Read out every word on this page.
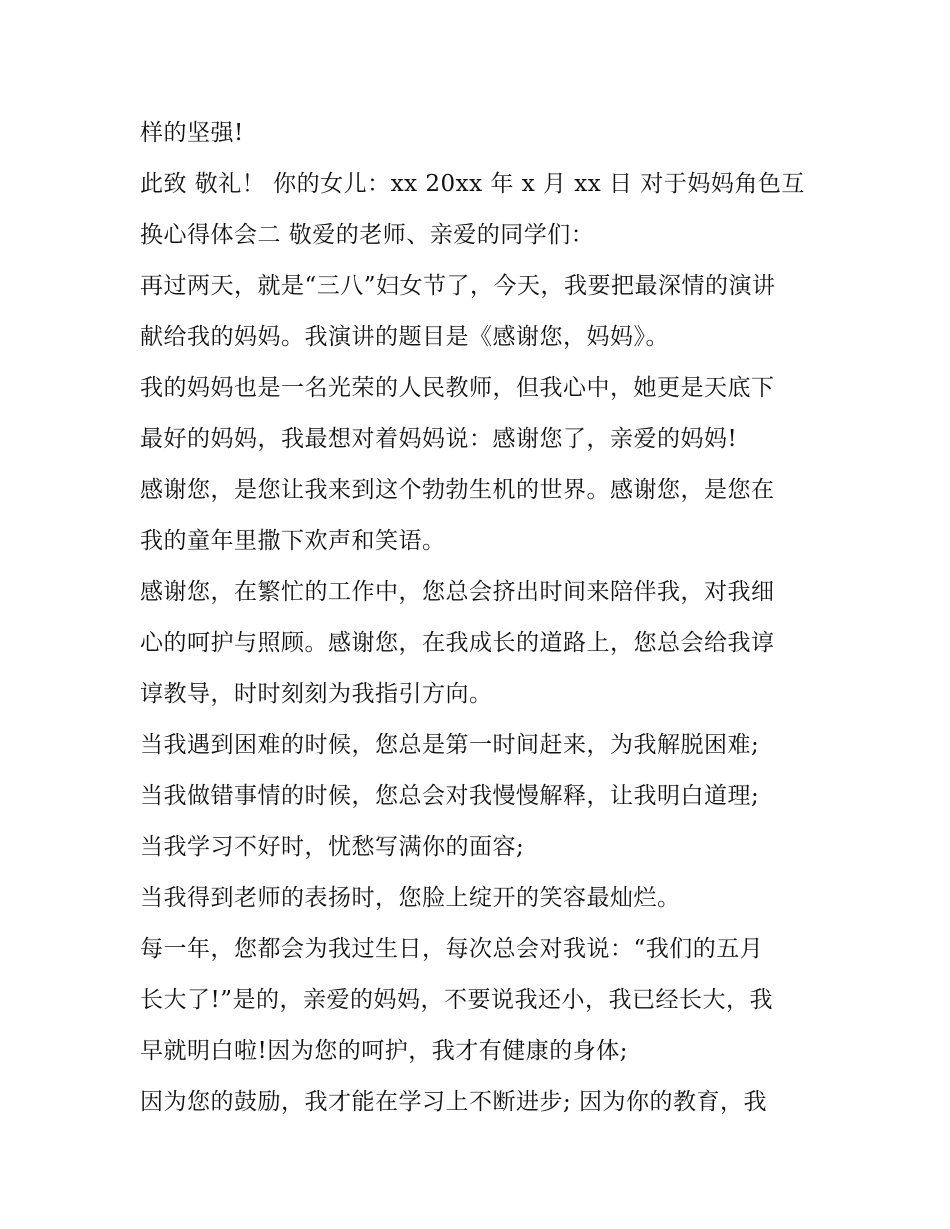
样的坚强!
此致 敬礼！ 你的女儿：xx 20xx 年 x 月 xx 日 对于妈妈角色互
换心得体会二 敬爱的老师、亲爱的同学们：
再过两天，就是“三八”妇女节了，今天，我要把最深情的演讲
献给我的妈妈。我演讲的题目是《感谢您，妈妈》。
我的妈妈也是一名光荣的人民教师，但我心中，她更是天底下
最好的妈妈，我最想对着妈妈说：感谢您了，亲爱的妈妈!
感谢您，是您让我来到这个勃勃生机的世界。感谢您，是您在
我的童年里撒下欢声和笑语。
感谢您，在繁忙的工作中，您总会挤出时间来陪伴我，对我细
心的呵护与照顾。感谢您，在我成长的道路上，您总会给我谆
谆教导，时时刻刻为我指引方向。
当我遇到困难的时候，您总是第一时间赶来，为我解脱困难;
当我做错事情的时候，您总会对我慢慢解释，让我明白道理;
当我学习不好时，忧愁写满你的面容;
当我得到老师的表扬时，您脸上绽开的笑容最灿烂。
每一年，您都会为我过生日，每次总会对我说：“我们的五月
长大了!”是的，亲爱的妈妈，不要说我还小，我已经长大，我
早就明白啦!因为您的呵护，我才有健康的身体;
因为您的鼓励，我才能在学习上不断进步; 因为你的教育，我
